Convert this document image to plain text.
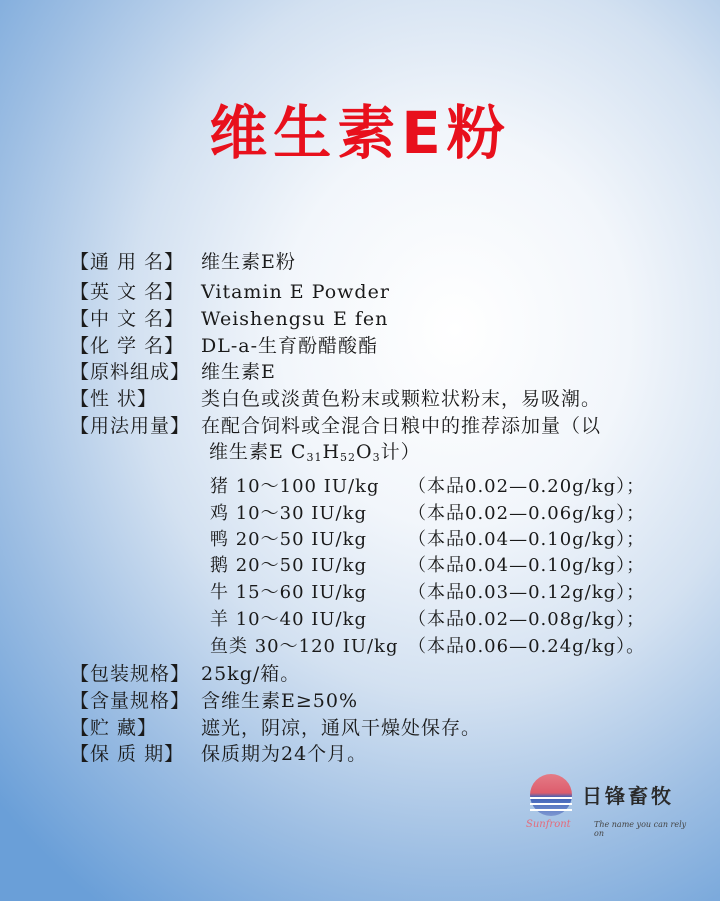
维生素E粉
【通 用 名】 维生素E粉
【英 文 名】 Vitamin E Powder
【中 文 名】 Weishengsu E fen
【化 学 名】 DL-a-生育酚醋酸酯
【原料组成】 维生素E
【性 状】 类白色或淡黄色粉末或颗粒状粉末，易吸潮。
【用法用量】 在配合饲料或全混合日粮中的推荐添加量（以
维生素E $C_{31}H_{52}O_3$计）
猪 10～100 IU/kg （本品0.02—0.20g/kg）；
鸡 10～30 IU/kg （本品0.02—0.06g/kg）；
鸭 20～50 IU/kg （本品0.04—0.10g/kg）；
鹅 20～50 IU/kg （本品0.04—0.10g/kg）；
牛 15～60 IU/kg （本品0.03—0.12g/kg）；
羊 10～40 IU/kg （本品0.02—0.08g/kg）；
鱼类 30～120 IU/kg （本品0.06—0.24g/kg）。
【包装规格】 25kg/箱。
【含量规格】 含维生素E≥50%
【贮 藏】 遮光，阴凉，通风干燥处保存。
【保 质 期】 保质期为24个月。
日锋畜牧
Sunfront	The name you can rely on
